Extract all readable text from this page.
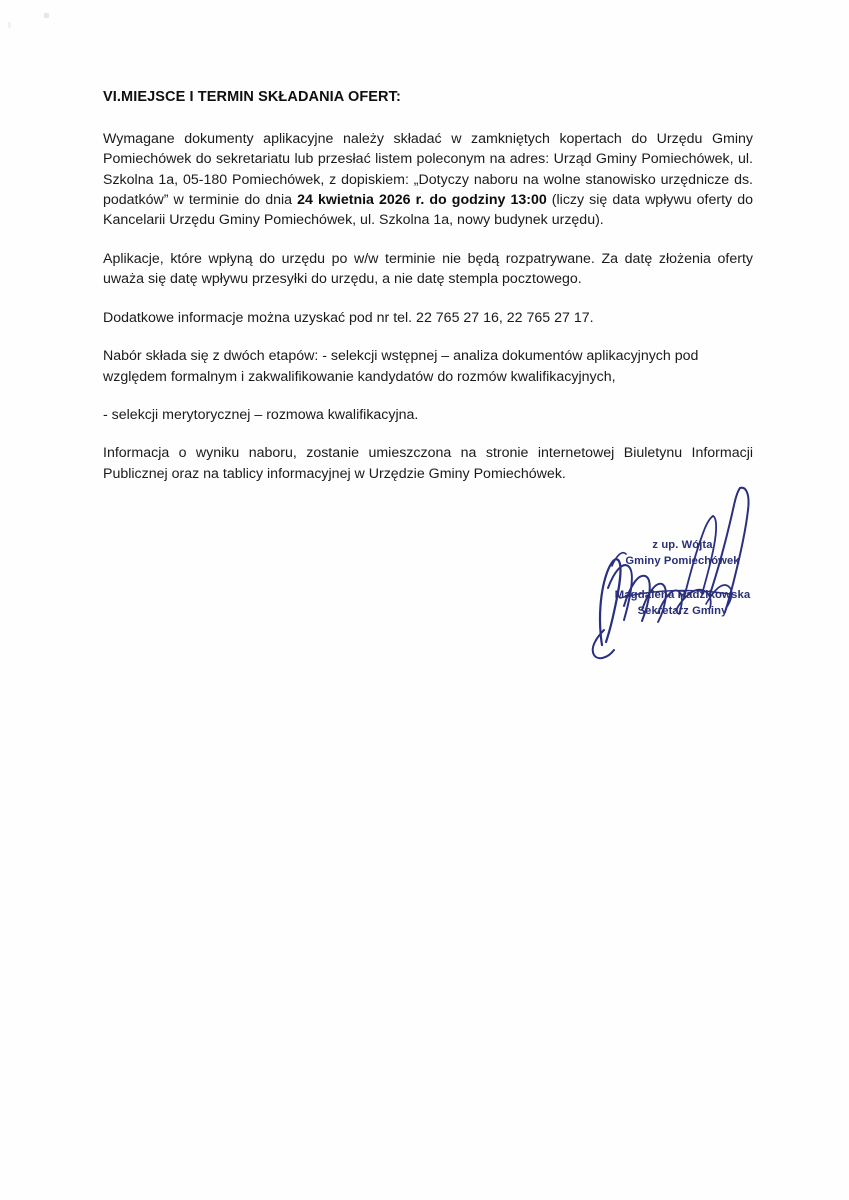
VI.MIEJSCE I TERMIN SKŁADANIA OFERT:

Wymagane dokumenty aplikacyjne należy składać w zamkniętych kopertach do Urzędu Gminy Pomiechówek do sekretariatu lub przesłać listem poleconym na adres: Urząd Gminy Pomiechówek, ul. Szkolna 1a, 05-180 Pomiechówek, z dopiskiem: „Dotyczy naboru na wolne stanowisko urzędnicze ds. podatków” w terminie do dnia 24 kwietnia 2026 r. do godziny 13:00 (liczy się data wpływu oferty do Kancelarii Urzędu Gminy Pomiechówek, ul. Szkolna 1a, nowy budynek urzędu).

Aplikacje, które wpłyną do urzędu po w/w terminie nie będą rozpatrywane. Za datę złożenia oferty uważa się datę wpływu przesyłki do urzędu, a nie datę stempla pocztowego.

Dodatkowe informacje można uzyskać pod nr tel. 22 765 27 16, 22 765 27 17.

Nabór składa się z dwóch etapów: - selekcji wstępnej – analiza dokumentów aplikacyjnych pod względem formalnym i zakwalifikowanie kandydatów do rozmów kwalifikacyjnych,

- selekcji merytorycznej – rozmowa kwalifikacyjna.

Informacja o wyniku naboru, zostanie umieszczona na stronie internetowej Biuletynu Informacji Publicznej oraz na tablicy informacyjnej w Urzędzie Gminy Pomiechówek.

z up. Wójta
Gminy Pomiechówek
Magdalena Radzikowska
Sekretarz Gminy
